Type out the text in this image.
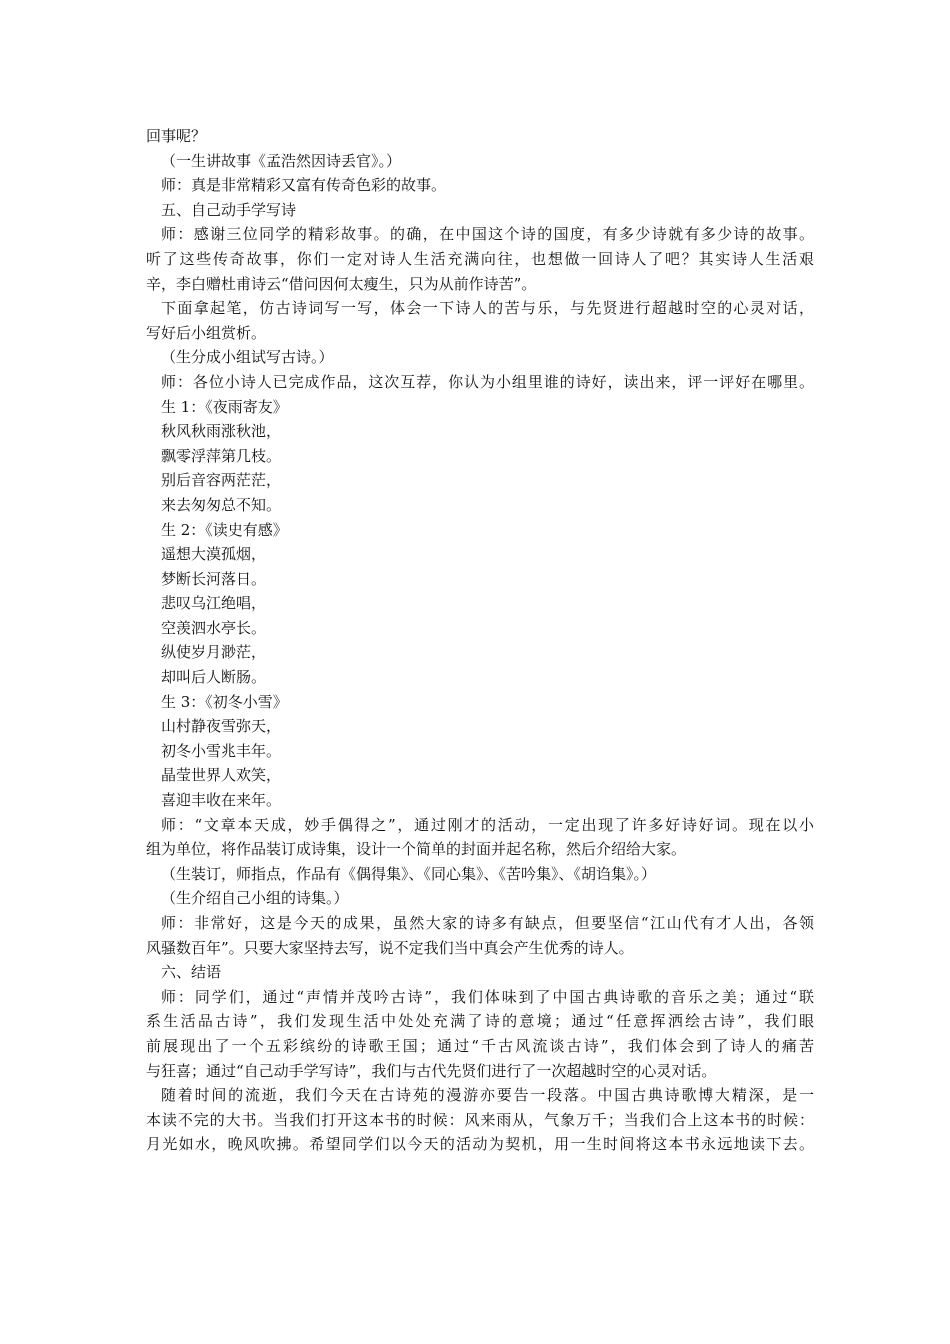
回事呢？
（一生讲故事《孟浩然因诗丢官》。）
师：真是非常精彩又富有传奇色彩的故事。
五、自己动手学写诗
师：感谢三位同学的精彩故事。的确，在中国这个诗的国度，有多少诗就有多少诗的故事。
听了这些传奇故事，你们一定对诗人生活充满向往，也想做一回诗人了吧？其实诗人生活艰
辛，李白赠杜甫诗云“借问因何太瘦生，只为从前作诗苦”。
下面拿起笔，仿古诗词写一写，体会一下诗人的苦与乐，与先贤进行超越时空的心灵对话，
写好后小组赏析。
（生分成小组试写古诗。）
师：各位小诗人已完成作品，这次互荐，你认为小组里谁的诗好，读出来，评一评好在哪里。
生 1：《夜雨寄友》
秋风秋雨涨秋池，
飘零浮萍第几枝。
别后音容两茫茫，
来去匆匆总不知。
生 2：《读史有感》
遥想大漠孤烟，
梦断长河落日。
悲叹乌江绝唱，
空羡泗水亭长。
纵使岁月渺茫，
却叫后人断肠。
生 3：《初冬小雪》
山村静夜雪弥天，
初冬小雪兆丰年。
晶莹世界人欢笑，
喜迎丰收在来年。
师：“文章本天成，妙手偶得之”，通过刚才的活动，一定出现了许多好诗好词。现在以小
组为单位，将作品装订成诗集，设计一个简单的封面并起名称，然后介绍给大家。
（生装订，师指点，作品有《偶得集》、《同心集》、《苦吟集》、《胡诌集》。）
（生介绍自己小组的诗集。）
师：非常好，这是今天的成果，虽然大家的诗多有缺点，但要坚信“江山代有才人出，各领
风骚数百年”。只要大家坚持去写，说不定我们当中真会产生优秀的诗人。
六、结语
师：同学们，通过“声情并茂吟古诗”，我们体味到了中国古典诗歌的音乐之美；通过“联
系生活品古诗”，我们发现生活中处处充满了诗的意境；通过“任意挥洒绘古诗”，我们眼
前展现出了一个五彩缤纷的诗歌王国；通过“千古风流谈古诗”，我们体会到了诗人的痛苦
与狂喜；通过“自己动手学写诗”，我们与古代先贤们进行了一次超越时空的心灵对话。
随着时间的流逝，我们今天在古诗苑的漫游亦要告一段落。中国古典诗歌博大精深，是一
本读不完的大书。当我们打开这本书的时候：风来雨从，气象万千；当我们合上这本书的时候：
月光如水，晚风吹拂。希望同学们以今天的活动为契机，用一生时间将这本书永远地读下去。
